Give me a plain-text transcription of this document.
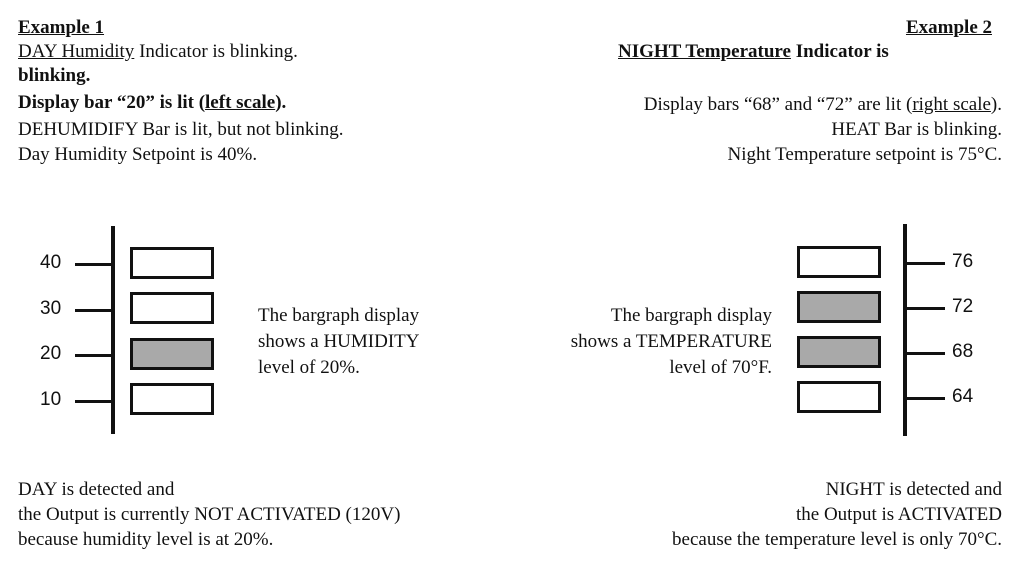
Example 1
DAY Humidity Indicator is blinking.
blinking.
Display bar “20” is lit (left scale).
DEHUMIDIFY Bar is lit, but not blinking.
Day Humidity Setpoint is 40%.
40
30
20
10
The bargraph display
shows a HUMIDITY
level of 20%.
DAY is detected and
the Output is currently NOT ACTIVATED (120V)
because humidity level is at 20%.
Example 2
NIGHT Temperature Indicator is
Display bars “68” and “72” are lit (right scale).
HEAT Bar is blinking.
Night Temperature setpoint is 75°C.
76
72
68
64
The bargraph display
shows a TEMPERATURE
level of 70°F.
NIGHT is detected and
the Output is ACTIVATED
because the temperature level is only 70°C.
